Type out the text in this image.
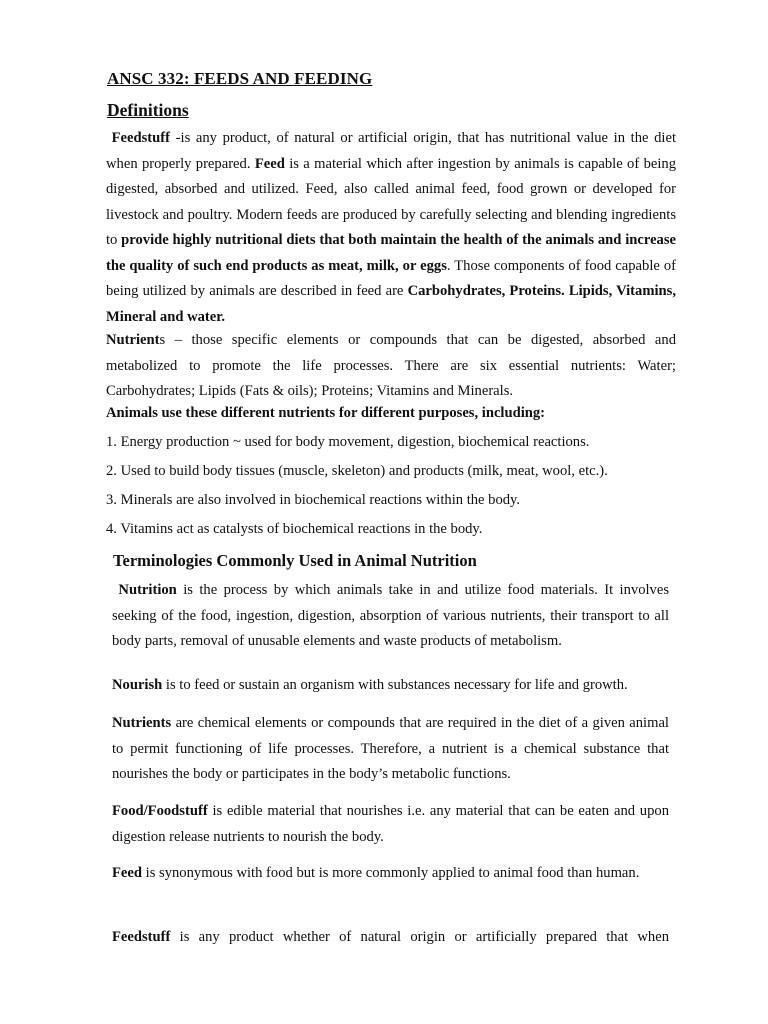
ANSC 332: FEEDS AND FEEDING
Definitions

Feedstuff -is any product, of natural or artificial origin, that has nutritional value in the diet when properly prepared. Feed is a material which after ingestion by animals is capable of being digested, absorbed and utilized. Feed, also called animal feed, food grown or developed for livestock and poultry. Modern feeds are produced by carefully selecting and blending ingredients to provide highly nutritional diets that both maintain the health of the animals and increase the quality of such end products as meat, milk, or eggs. Those components of food capable of being utilized by animals are described in feed are Carbohydrates, Proteins. Lipids, Vitamins, Mineral and water.

Nutrients – those specific elements or compounds that can be digested, absorbed and metabolized to promote the life processes. There are six essential nutrients: Water; Carbohydrates; Lipids (Fats & oils); Proteins; Vitamins and Minerals.

Animals use these different nutrients for different purposes, including:

1. Energy production ~ used for body movement, digestion, biochemical reactions.

2. Used to build body tissues (muscle, skeleton) and products (milk, meat, wool, etc.).

3. Minerals are also involved in biochemical reactions within the body.

4. Vitamins act as catalysts of biochemical reactions in the body.

Terminologies Commonly Used in Animal Nutrition

Nutrition is the process by which animals take in and utilize food materials. It involves seeking of the food, ingestion, digestion, absorption of various nutrients, their transport to all body parts, removal of unusable elements and waste products of metabolism.

Nourish is to feed or sustain an organism with substances necessary for life and growth.

Nutrients are chemical elements or compounds that are required in the diet of a given animal to permit functioning of life processes. Therefore, a nutrient is a chemical substance that nourishes the body or participates in the body’s metabolic functions.

Food/Foodstuff is edible material that nourishes i.e. any material that can be eaten and upon digestion release nutrients to nourish the body.

Feed is synonymous with food but is more commonly applied to animal food than human.

Feedstuff is any product whether of natural origin or artificially prepared that when
